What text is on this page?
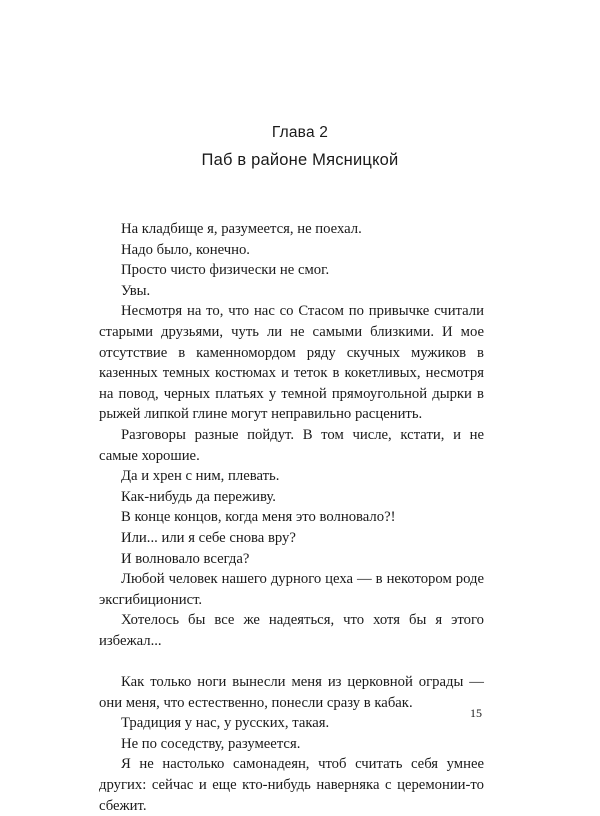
Глава 2
Паб в районе Мясницкой

На кладбище я, разумеется, не поехал.

Надо было, конечно.

Просто чисто физически не смог.

Увы.

Несмотря на то, что нас со Стасом по привычке считали старыми друзьями, чуть ли не самыми близкими. И мое отсутствие в каменномордом ряду скучных мужиков в казенных темных костюмах и теток в кокетливых, несмотря на повод, черных платьях у темной прямоугольной дырки в рыжей липкой глине могут неправильно расценить.

Разговоры разные пойдут. В том числе, кстати, и не самые хорошие.

Да и хрен с ним, плевать.

Как-нибудь да переживу.

В конце концов, когда меня это волновало?!

Или... или я себе снова вру?

И волновало всегда?

Любой человек нашего дурного цеха — в некотором роде эксгибиционист.

Хотелось бы все же надеяться, что хотя бы я этого избежал...

Как только ноги вынесли меня из церковной ограды — они меня, что естественно, понесли сразу в кабак.

Традиция у нас, у русских, такая.

Не по соседству, разумеется.

Я не настолько самонадеян, чтоб считать себя умнее других: сейчас и еще кто-нибудь наверняка с церемонии-то сбежит.

15
